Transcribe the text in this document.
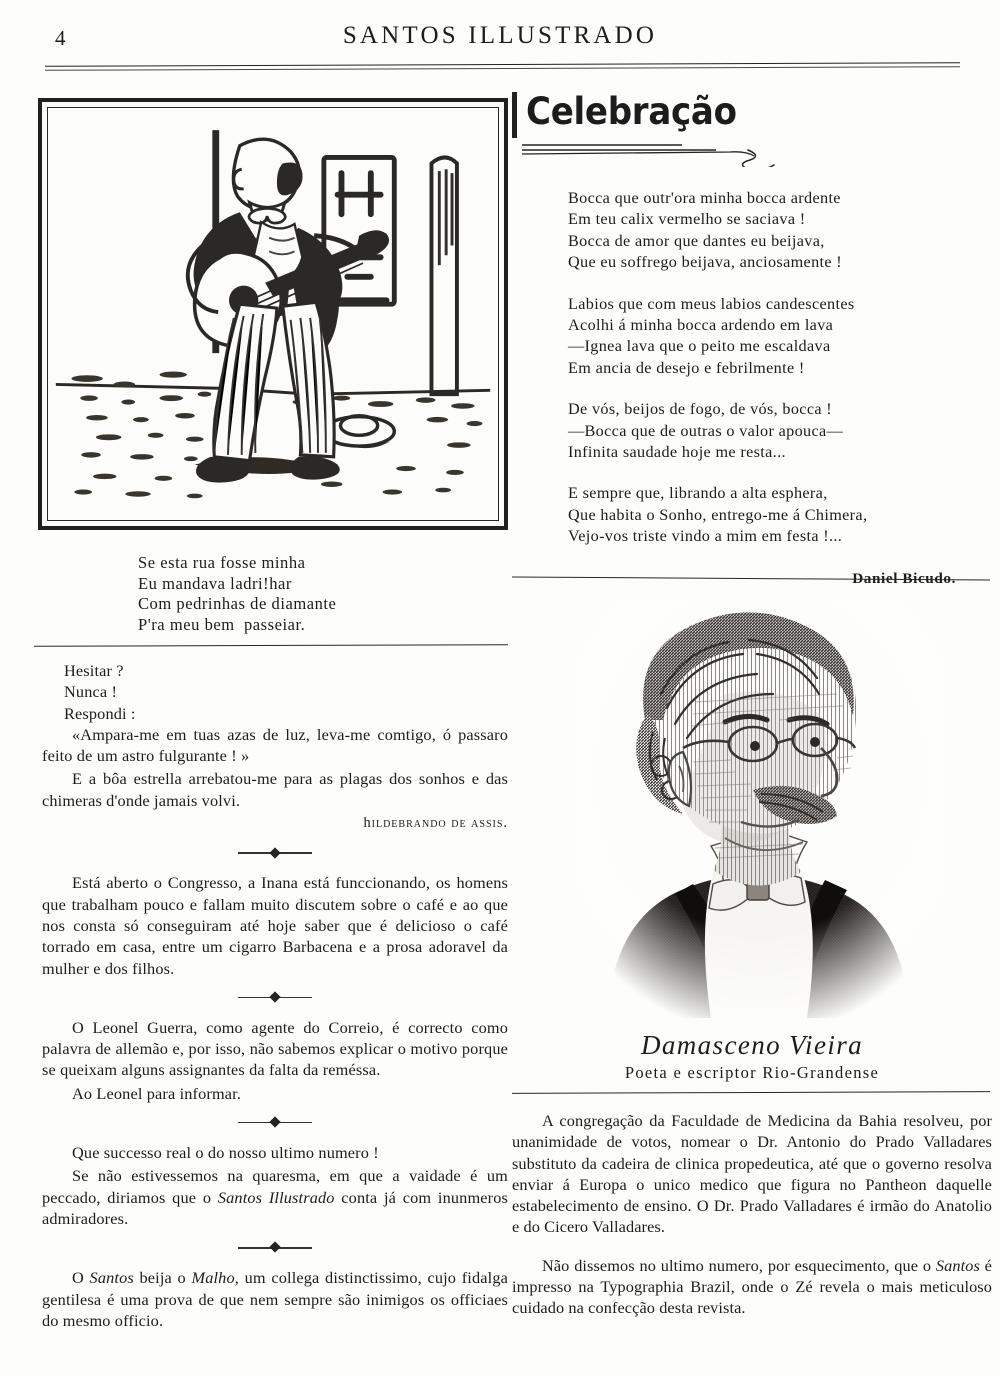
4	SANTOS ILLUSTRADO
Se esta rua fosse minha
Eu mandava ladri!har
Com pedrinhas de diamante
P'ra meu bem  passeiar.
Hesitar ?
Nunca !
Respondi :

«Ampara-me em tuas azas de luz, leva-me comtigo, ó passaro feito de um astro fulgurante ! »

E a bôa estrella arrebatou-me para as plagas dos sonhos e das chimeras d'onde jamais volvi.

hildebrando de assis.

Está aberto o Congresso, a Inana está funccionando, os homens que trabalham pouco e fallam muito discutem sobre o café e ao que nos consta só conseguiram até hoje saber que é delicioso o café torrado em casa, entre um cigarro Barbacena e a prosa adoravel da mulher e dos filhos.

O Leonel Guerra, como agente do Correio, é correcto como palavra de allemão e, por isso, não sabemos explicar o motivo porque se queixam alguns assignantes da falta da reméssa.

Ao Leonel para informar.

Que successo real o do nosso ultimo numero !

Se não estivessemos na quaresma, em que a vaidade é um peccado, diriamos que o Santos Illustrado conta já com inunmeros admiradores.

O Santos beija o Malho, um collega distinctissimo, cujo fidalga gentilesa é uma prova de que nem sempre são inimigos os officiaes do mesmo officio.

Celebração
Bocca que outr'ora minha bocca ardente
Em teu calix vermelho se saciava !
Bocca de amor que dantes eu beijava,
Que eu soffrego beijava, anciosamente !
Labios que com meus labios candescentes
Acolhi á minha bocca ardendo em lava
—Ignea lava que o peito me escaldava
Em ancia de desejo e febrilmente !
De vós, beijos de fogo, de vós, bocca !
—Bocca que de outras o valor apouca—
Infinita saudade hoje me resta...
E sempre que, librando a alta esphera,
Que habita o Sonho, entrego-me á Chimera,
Vejo-vos triste vindo a mim em festa !...
Daniel Bicudo.
Damasceno Vieira
Poeta e escriptor Rio-Grandense

A congregação da Faculdade de Medicina da Bahia resolveu, por unanimidade de votos, nomear o Dr. Antonio do Prado Valladares substituto da cadeira de clinica propedeutica, até que o governo resolva enviar á Europa o unico medico que figura no Pantheon daquelle estabelecimento de ensino. O Dr. Prado Valladares é irmão do Anatolio e do Cicero Valladares.

Não dissemos no ultimo numero, por esquecimento, que o Santos é impresso na Typographia Brazil, onde o Zé revela o mais meticuloso cuidado na confecção desta revista.
